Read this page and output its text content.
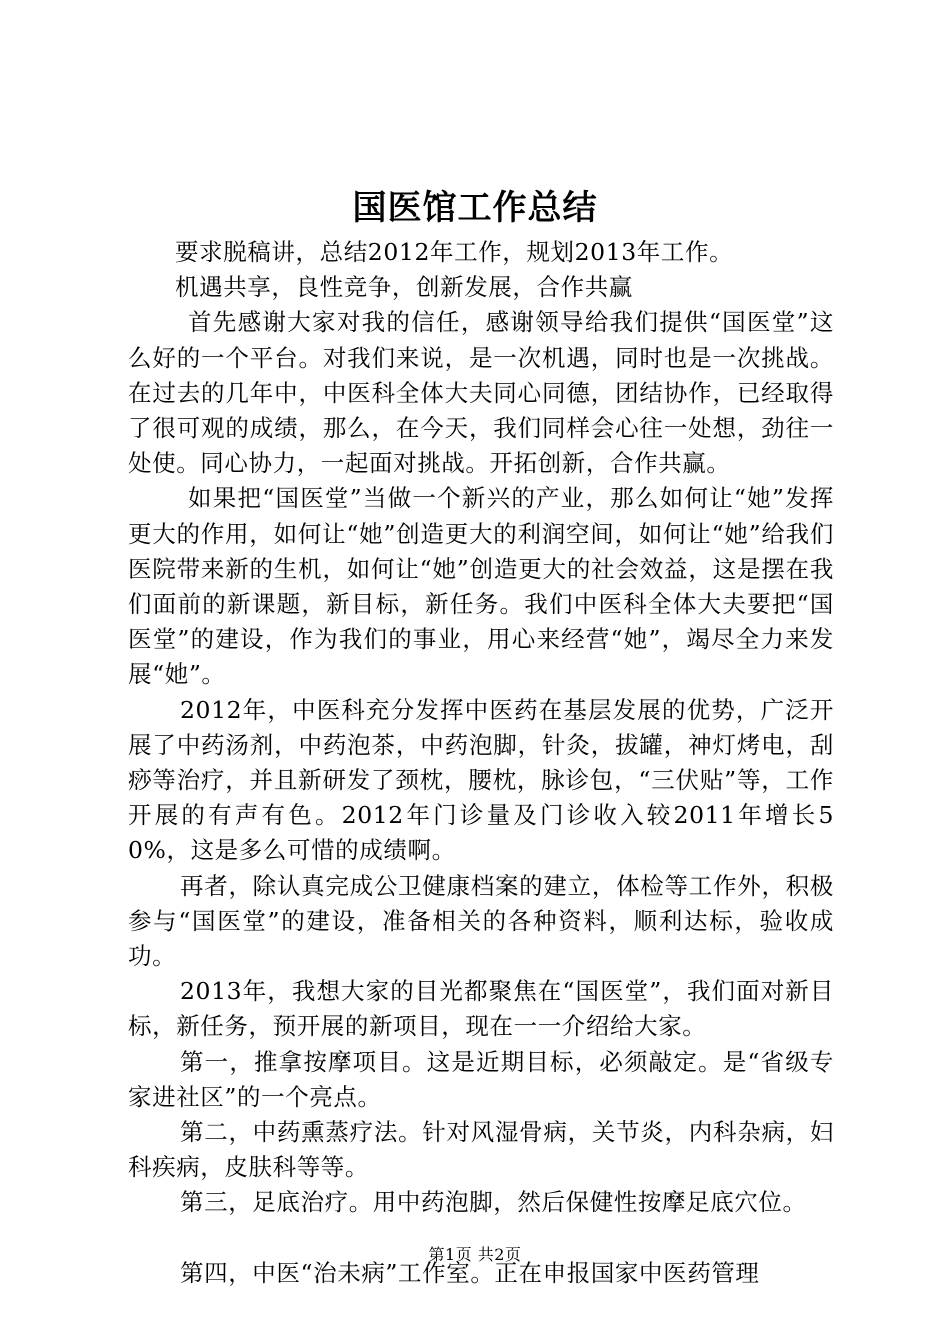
国医馆工作总结

要求脱稿讲，总结2012年工作，规划2013年工作。

机遇共享，良性竞争，创新发展，合作共赢

首先感谢大家对我的信任，感谢领导给我们提供“国医堂”这么好的一个平台。对我们来说，是一次机遇，同时也是一次挑战。在过去的几年中，中医科全体大夫同心同德，团结协作，已经取得了很可观的成绩，那么，在今天，我们同样会心往一处想，劲往一处使。同心协力，一起面对挑战。开拓创新，合作共赢。

如果把“国医堂”当做一个新兴的产业，那么如何让“她”发挥更大的作用，如何让“她”创造更大的利润空间，如何让“她”给我们医院带来新的生机，如何让“她”创造更大的社会效益，这是摆在我们面前的新课题，新目标，新任务。我们中医科全体大夫要把“国医堂”的建设，作为我们的事业，用心来经营“她”，竭尽全力来发展“她”。

2012年，中医科充分发挥中医药在基层发展的优势，广泛开展了中药汤剂，中药泡茶，中药泡脚，针灸，拔罐，神灯烤电，刮痧等治疗，并且新研发了颈枕，腰枕，脉诊包，“三伏贴”等，工作开展的有声有色。2012年门诊量及门诊收入较2011年增长50%，这是多么可惜的成绩啊。

再者，除认真完成公卫健康档案的建立，体检等工作外，积极参与“国医堂”的建设，准备相关的各种资料，顺利达标，验收成功。

2013年，我想大家的目光都聚焦在“国医堂”，我们面对新目标，新任务，预开展的新项目，现在一一介绍给大家。

第一，推拿按摩项目。这是近期目标，必须敲定。是“省级专家进社区”的一个亮点。

第二，中药熏蒸疗法。针对风湿骨病，关节炎，内科杂病，妇科疾病，皮肤科等等。

第三，足底治疗。用中药泡脚，然后保健性按摩足底穴位。

第四，中医“治未病”工作室。正在申报国家中医药管理

第1页 共2页
